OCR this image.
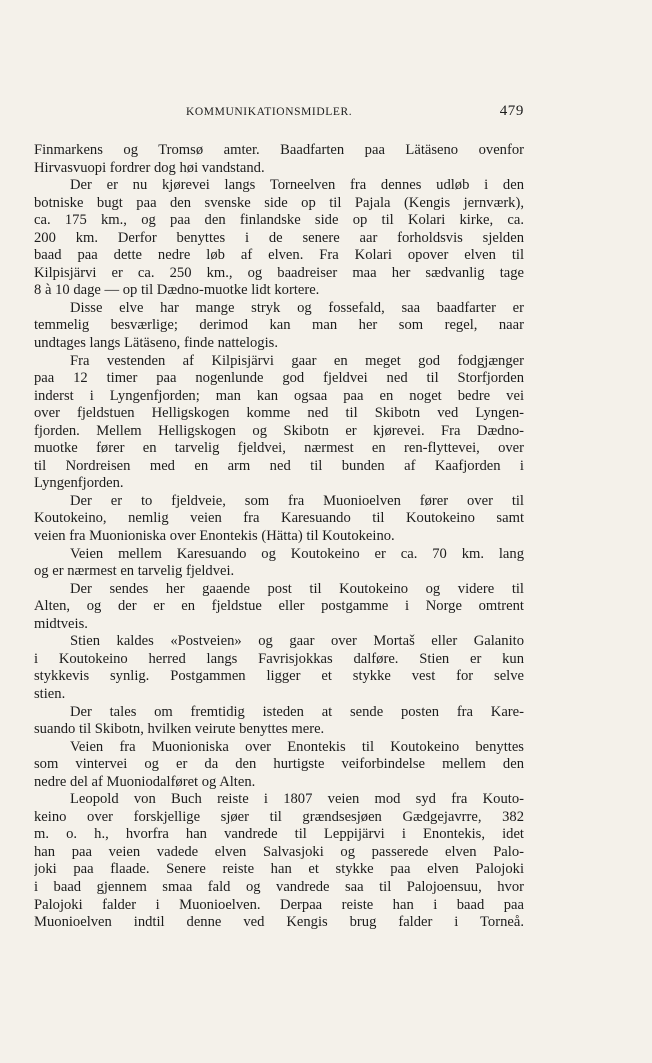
KOMMUNIKATIONSMIDLER.	479
Finmarkens og Tromsø amter. Baadfarten paa Lätäseno ovenfor
Hirvasvuopi fordrer dog høi vandstand.
Der er nu kjørevei langs Torneelven fra dennes udløb i den
botniske bugt paa den svenske side op til Pajala (Kengis jernværk),
ca. 175 km., og paa den finlandske side op til Kolari kirke, ca.
200 km. Derfor benyttes i de senere aar forholdsvis sjelden
baad paa dette nedre løb af elven. Fra Kolari opover elven til
Kilpisjärvi er ca. 250 km., og baadreiser maa her sædvanlig tage
8 à 10 dage — op til Dædno-muotke lidt kortere.
Disse elve har mange stryk og fossefald, saa baadfarter er
temmelig besværlige; derimod kan man her som regel, naar
undtages langs Lätäseno, finde nattelogis.
Fra vestenden af Kilpisjärvi gaar en meget god fodgjænger
paa 12 timer paa nogenlunde god fjeldvei ned til Storfjorden
inderst i Lyngenfjorden; man kan ogsaa paa en noget bedre vei
over fjeldstuen Helligskogen komme ned til Skibotn ved Lyngen-
fjorden. Mellem Helligskogen og Skibotn er kjørevei. Fra Dædno-
muotke fører en tarvelig fjeldvei, nærmest en ren-flyttevei, over
til Nordreisen med en arm ned til bunden af Kaafjorden i
Lyngenfjorden.
Der er to fjeldveie, som fra Muonioelven fører over til
Koutokeino, nemlig veien fra Karesuando til Koutokeino samt
veien fra Muonioniska over Enontekis (Hätta) til Koutokeino.
Veien mellem Karesuando og Koutokeino er ca. 70 km. lang
og er nærmest en tarvelig fjeldvei.
Der sendes her gaaende post til Koutokeino og videre til
Alten, og der er en fjeldstue eller postgamme i Norge omtrent
midtveis.
Stien kaldes «Postveien» og gaar over Mortaš eller Galanito
i Koutokeino herred langs Favrisjokkas dalføre. Stien er kun
stykkevis synlig. Postgammen ligger et stykke vest for selve
stien.
Der tales om fremtidig isteden at sende posten fra Kare-
suando til Skibotn, hvilken veirute benyttes mere.
Veien fra Muonioniska over Enontekis til Koutokeino benyttes
som vintervei og er da den hurtigste veiforbindelse mellem den
nedre del af Muoniodalføret og Alten.
Leopold von Buch reiste i 1807 veien mod syd fra Kouto-
keino over forskjellige sjøer til grændsesjøen Gædgejavrre, 382
m. o. h., hvorfra han vandrede til Leppijärvi i Enontekis, idet
han paa veien vadede elven Salvasjoki og passerede elven Palo-
joki paa flaade. Senere reiste han et stykke paa elven Palojoki
i baad gjennem smaa fald og vandrede saa til Palojoensuu, hvor
Palojoki falder i Muonioelven. Derpaa reiste han i baad paa
Muonioelven indtil denne ved Kengis brug falder i Torneå.
